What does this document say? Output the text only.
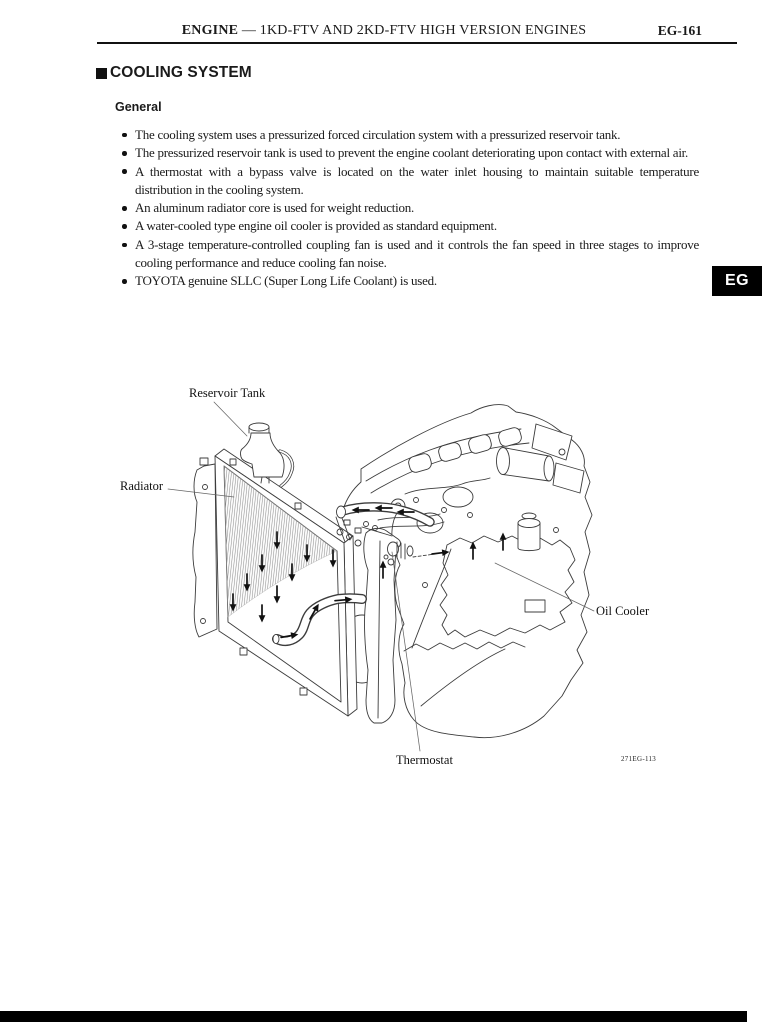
ENGINE — 1KD-FTV AND 2KD-FTV HIGH VERSION ENGINES	EG-161
COOLING SYSTEM
General
The cooling system uses a pressurized forced circulation system with a pressurized reservoir tank.
The pressurized reservoir tank is used to prevent the engine coolant deteriorating upon contact with external air.
A thermostat with a bypass valve is located on the water inlet housing to maintain suitable temperature distribution in the cooling system.
An aluminum radiator core is used for weight reduction.
A water-cooled type engine oil cooler is provided as standard equipment.
A 3-stage temperature-controlled coupling fan is used and it controls the fan speed in three stages to improve cooling performance and reduce cooling fan noise.
TOYOTA genuine SLLC (Super Long Life Coolant) is used.	EG
Reservoir Tank
Radiator
Oil Cooler
Thermostat	271EG-113
